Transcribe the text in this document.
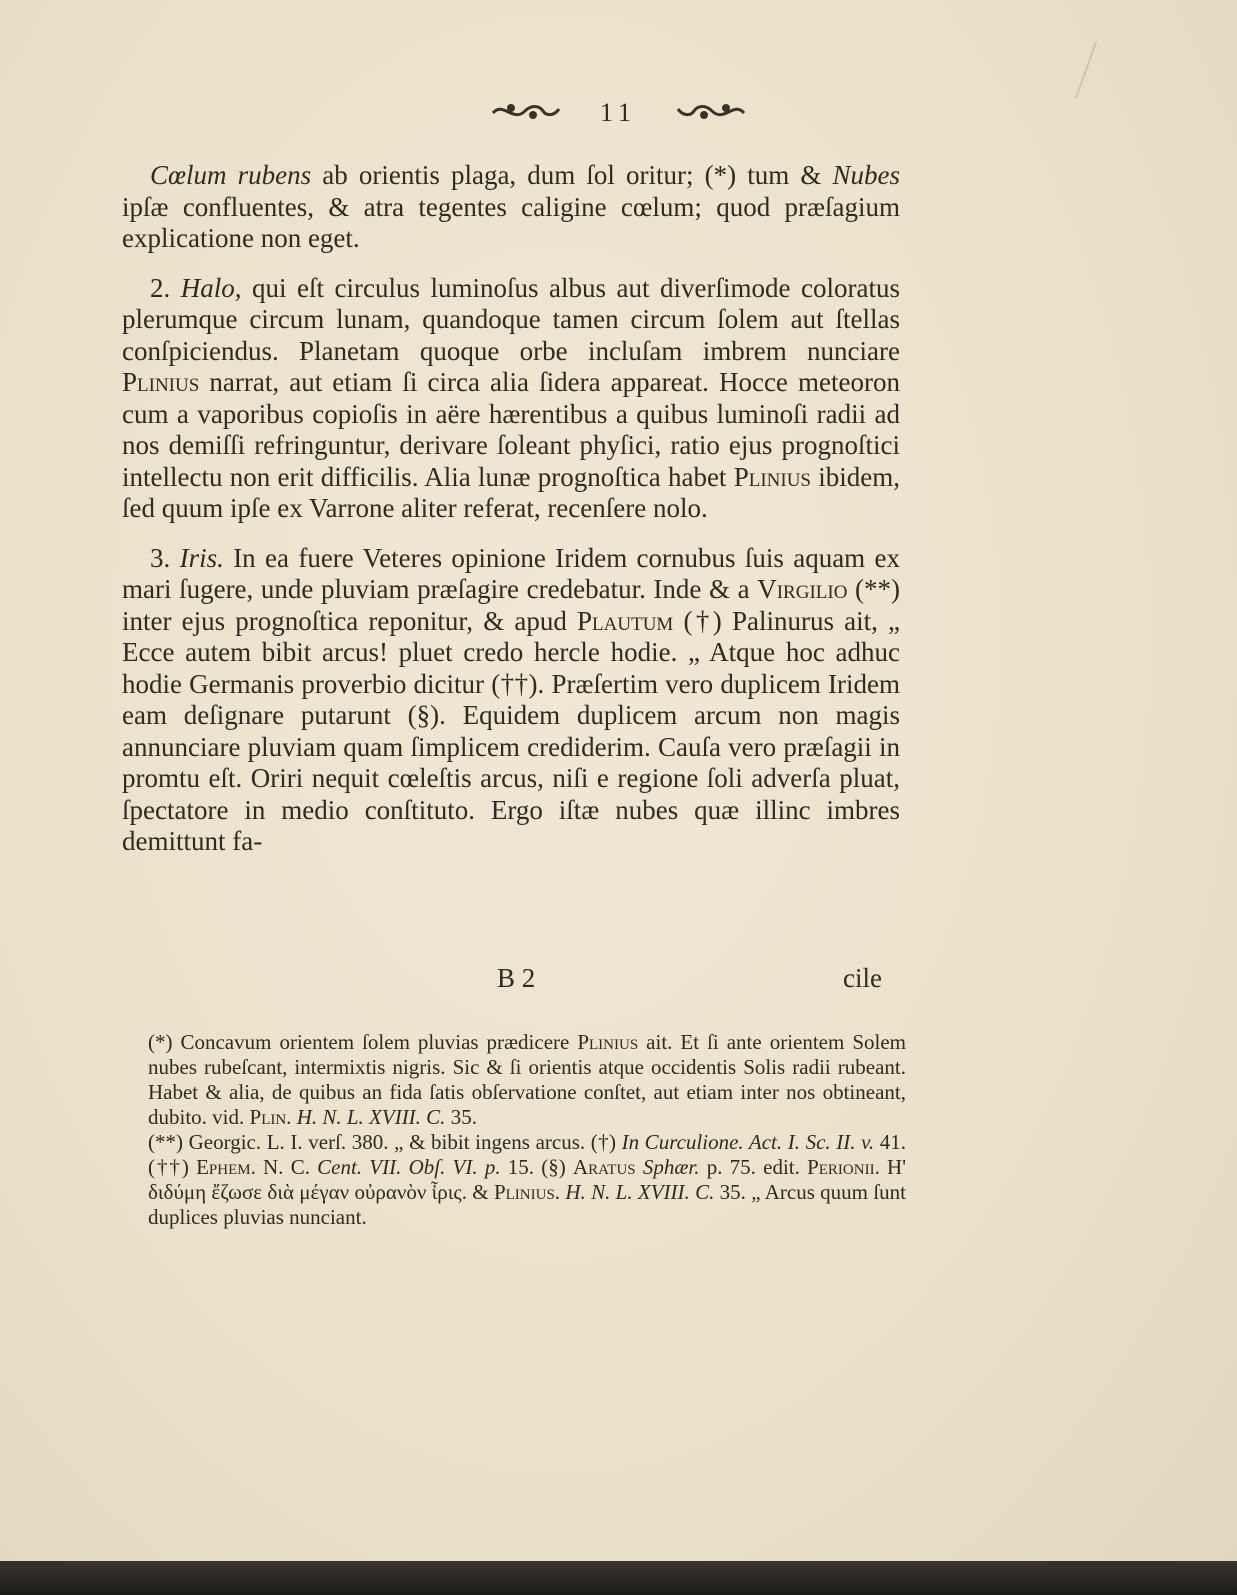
11

Cœlum rubens ab orientis plaga, dum ſol oritur; (*) tum & Nubes ipſæ confluentes, & atra tegentes caligine cœlum; quod præſagium explicatione non eget.

2. Halo, qui eſt circulus luminoſus albus aut diverſimode coloratus plerumque circum lunam, quandoque tamen circum ſolem aut ſtellas conſpiciendus. Planetam quoque orbe incluſam imbrem nunciare Plinius narrat, aut etiam ſi circa alia ſidera appareat. Hocce meteoron cum a vaporibus copioſis in aëre hærentibus a quibus luminoſi radii ad nos demiſſi refringuntur, derivare ſoleant phyſici, ratio ejus prognoſtici intellectu non erit difficilis. Alia lunæ prognoſtica habet Plinius ibidem, ſed quum ipſe ex Varrone aliter referat, recenſere nolo.

3. Iris. In ea fuere Veteres opinione Iridem cornubus ſuis aquam ex mari ſugere, unde pluviam præſagire credebatur. Inde & a Virgilio (**) inter ejus prognoſtica reponitur, & apud Plautum (†) Palinurus ait, „ Ecce autem bibit arcus! pluet credo hercle hodie. „ Atque hoc adhuc hodie Germanis proverbio dicitur (††). Præſertim vero duplicem Iridem eam deſignare putarunt (§). Equidem duplicem arcum non magis annunciare pluviam quam ſimplicem crediderim. Cauſa vero præſagii in promtu eſt. Oriri nequit cœleſtis arcus, niſi e regione ſoli adverſa pluat, ſpectatore in medio conſtituto. Ergo iſtæ nubes quæ illinc imbres demittunt fa-

B 2	cile

(*) Concavum orientem ſolem pluvias prædicere Plinius ait. Et ſi ante orientem Solem nubes rubeſcant, intermixtis nigris. Sic & ſi orientis atque occidentis Solis radii rubeant. Habet & alia, de quibus an fida ſatis obſervatione conſtet, aut etiam inter nos obtineant, dubito. vid. Plin. H. N. L. XVIII. C. 35.

(**) Georgic. L. I. verſ. 380. „ & bibit ingens arcus. (†) In Curculione. Act. I. Sc. II. v. 41. (††) Ephem. N. C. Cent. VII. Obſ. VI. p. 15. (§) Aratus Sphær. p. 75. edit. Perionii. Η' διδύμη ἔζωσε διὰ μέγαν οὐρανὸν ἶρις. & Plinius. H. N. L. XVIII. C. 35. „ Arcus quum ſunt duplices pluvias nunciant.
